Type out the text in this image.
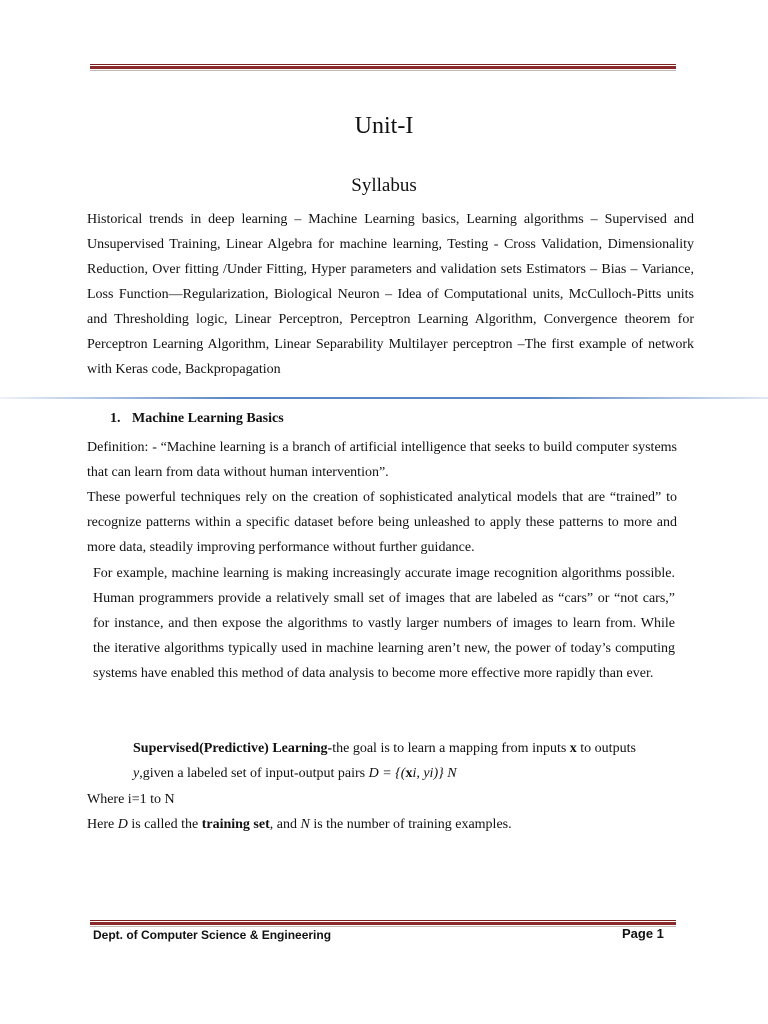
Unit-I
Syllabus
Historical trends in deep learning – Machine Learning basics, Learning algorithms – Supervised and Unsupervised Training, Linear Algebra for machine learning, Testing - Cross Validation, Dimensionality Reduction, Over fitting /Under Fitting, Hyper parameters and validation sets Estimators – Bias – Variance, Loss Function—Regularization, Biological Neuron – Idea of Computational units, McCulloch-Pitts units and Thresholding logic, Linear Perceptron, Perceptron Learning Algorithm, Convergence theorem for Perceptron Learning Algorithm, Linear Separability Multilayer perceptron –The first example of network with Keras code, Backpropagation
1. Machine Learning Basics
Definition: - “Machine learning is a branch of artificial intelligence that seeks to build computer systems that can learn from data without human intervention”.
These powerful techniques rely on the creation of sophisticated analytical models that are “trained” to recognize patterns within a specific dataset before being unleashed to apply these patterns to more and more data, steadily improving performance without further guidance.
For example, machine learning is making increasingly accurate image recognition algorithms possible. Human programmers provide a relatively small set of images that are labeled as “cars” or “not cars,” for instance, and then expose the algorithms to vastly larger numbers of images to learn from. While the iterative algorithms typically used in machine learning aren’t new, the power of today’s computing systems have enabled this method of data analysis to become more effective more rapidly than ever.
Supervised(Predictive) Learning-the goal is to learn a mapping from inputs x to outputs y,given a labeled set of input-output pairs D = {(xi, yi)} N
Where i=1 to N
Here D is called the training set, and N is the number of training examples.
Dept. of Computer Science & Engineering	Page 1
